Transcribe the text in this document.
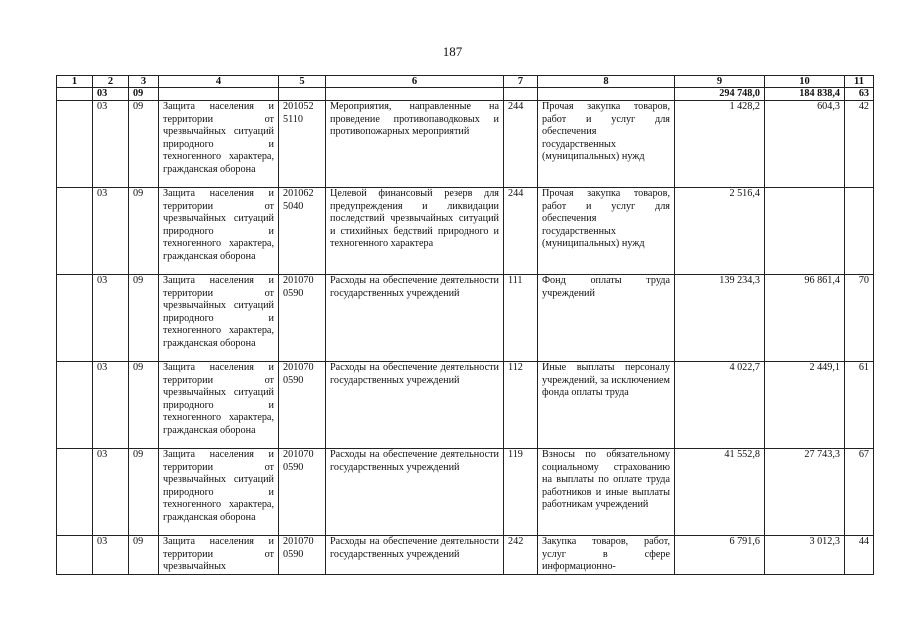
187
1	2	3	4	5	6	7	8	9	10	11
	03	09						294 748,0	184 838,4	63
	03	09	Защита населения и территории от чрезвычайных ситуаций природного и техногенного характера, гражданская оборона	201052 5110	Мероприятия, направленные на проведение противопаводковых и противопожарных мероприятий	244	Прочая закупка товаров, работ и услуг для обеспечения государственных (муниципальных) нужд	1 428,2	604,3	42
	03	09	Защита населения и территории от чрезвычайных ситуаций природного и техногенного характера, гражданская оборона	201062 5040	Целевой финансовый резерв для предупреждения и ликвидации последствий чрезвычайных ситуаций и стихийных бедствий природного и техногенного характера	244	Прочая закупка товаров, работ и услуг для обеспечения государственных (муниципальных) нужд	2 516,4		
	03	09	Защита населения и территории от чрезвычайных ситуаций природного и техногенного характера, гражданская оборона	201070 0590	Расходы на обеспечение деятельности государственных учреждений	111	Фонд оплаты труда учреждений	139 234,3	96 861,4	70
	03	09	Защита населения и территории от чрезвычайных ситуаций природного и техногенного характера, гражданская оборона	201070 0590	Расходы на обеспечение деятельности государственных учреждений	112	Иные выплаты персоналу учреждений, за исключением фонда оплаты труда	4 022,7	2 449,1	61
	03	09	Защита населения и территории от чрезвычайных ситуаций природного и техногенного характера, гражданская оборона	201070 0590	Расходы на обеспечение деятельности государственных учреждений	119	Взносы по обязательному социальному страхованию на выплаты по оплате труда работников и иные выплаты работникам учреждений	41 552,8	27 743,3	67
	03	09	Защита населения и территории от чрезвычайных	201070 0590	Расходы на обеспечение деятельности государственных учреждений	242	Закупка товаров, работ, услуг в сфере информационно-	6 791,6	3 012,3	44
